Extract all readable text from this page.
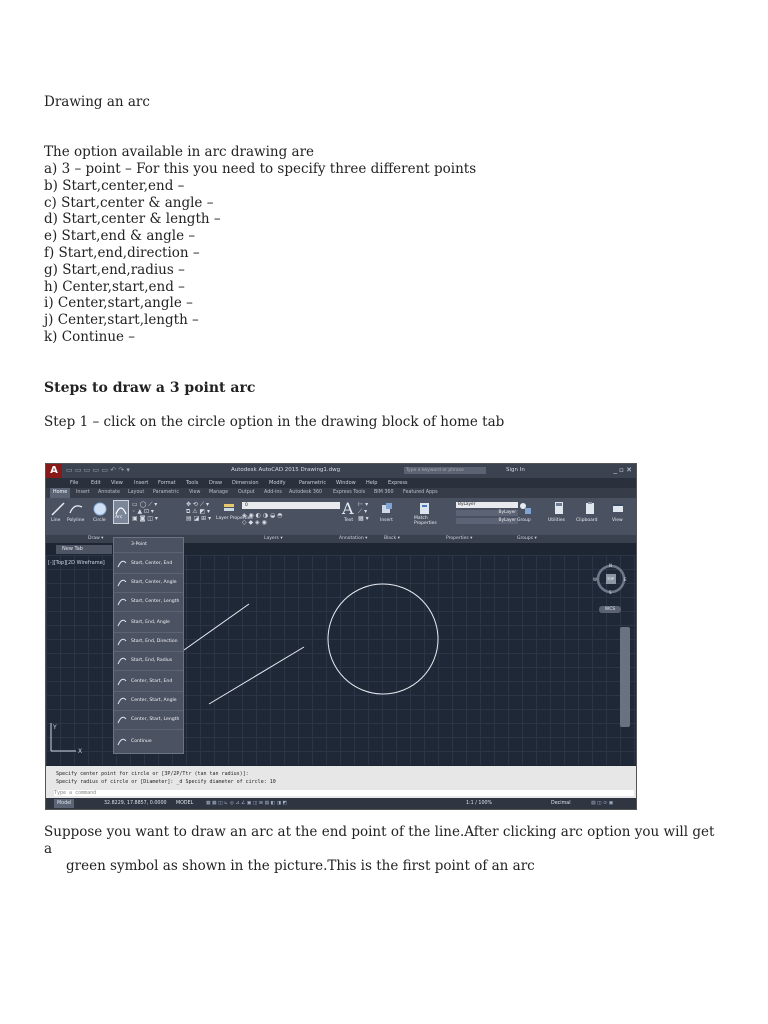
Drawing an arc
The option available in arc drawing are
a) 3 – point – For this you need to specify three different points
b) Start,center,end –
c) Start,center & angle –
d) Start,center & length –
e) Start,end & angle –
f) Start,end,direction –
g) Start,end,radius –
h) Center,start,end –
i) Center,start,angle –
j) Center,start,length –
k) Continue –
Steps to draw a 3 point arc
Step 1 – click on the circle option in the drawing block of home tab
Suppose you want to draw an arc at the end point of the line.After clicking arc option you will get a
green symbol as shown in the picture.This is the first point of an arc
A	▭ ▭ ▭ ▭ ▭ ↶ ↷ ▾	Autodesk AutoCAD 2015 Drawing1.dwg	Type a keyword or phrase	Sign In	_ ▫ ✕
File	Edit View Insert Format Tools Draw Dimension Modify	Parametric Window Help Express
Home	Insert Annotate Layout Parametric View Manage Output Add-ins Autodesk 360 Express Tools BIM 360 Featured Apps
Line Polyline Circle
Arc
▭ ◯ ⟋ ▾
◦ ▲ ⊡ ▾
▣ ◙ ◫ ▾
✥ ⟲ ⟋ ▾
⧉ ⚠ ◩ ▾
▤ ◪ ⊞ ▾	Layer Properties
0
◈ ◉ ◐ ◑ ◒ ◓
◇ ◆ ◈ ◉
A
Text
⊢ ▾
⟋ ▾
▦ ▾	Insert	Match Properties
ByLayer
ByLayer
ByLayer Group	Utilities Clipboard	View
Draw ▾	Layers ▾	Annotation ▾	Block ▾	Properties ▾	Groups ▾
New Tab
[-][Top][2D Wireframe]
Y
X
N
S
W	E
TOP
WCS
3-Point
Start, Center, End
Start, Center, Angle
Start, Center, Length
Start, End, Angle
Start, End, Direction
Start, End, Radius
Center, Start, End
Center, Start, Angle
Center, Start, Length
Continue
Specify center point for circle or [3P/2P/Ttr (tan tan radius)]:
Specify radius of circle or [Diameter]: _d Specify diameter of circle: 10
Type a command
Model	32.8229, 17.8857, 0.0000 MODEL	▦ ▦ ◫ ⊾ ◎ ⊿ ∠ ▣ ◫ ⊞ ▤ ◧ ◨ ◩	1:1 / 100%	Decimal	▤ ◫ ⊙ ▣
